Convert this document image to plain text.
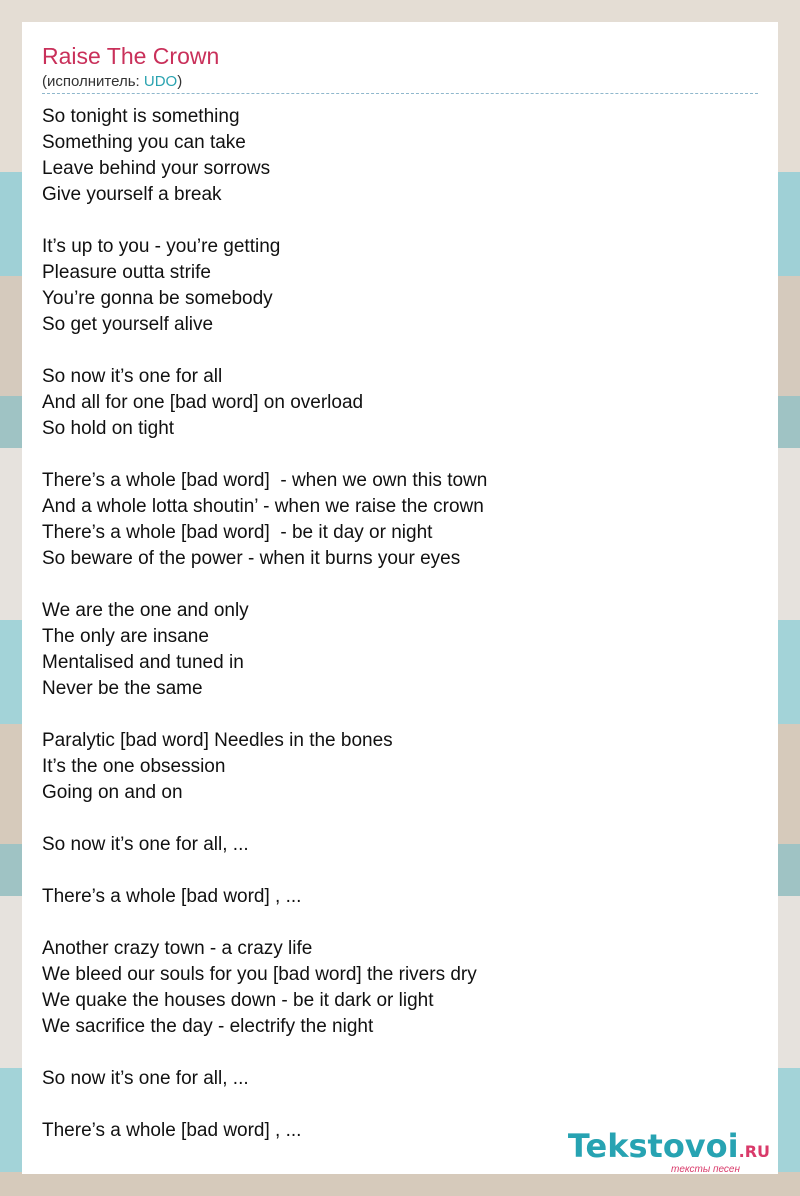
Raise The Crown
(исполнитель: UDO)
So tonight is something
Something you can take
Leave behind your sorrows
Give yourself a break
It’s up to you - you’re getting
Pleasure outta strife
You’re gonna be somebody
So get yourself alive
So now it’s one for all
And all for one [bad word] on overload
So hold on tight
There’s a whole [bad word]  - when we own this town
And a whole lotta shoutin’ - when we raise the crown
There’s a whole [bad word]  - be it day or night
So beware of the power - when it burns your eyes
We are the one and only
The only are insane
Mentalised and tuned in
Never be the same
Paralytic [bad word] Needles in the bones
It’s the one obsession
Going on and on
So now it’s one for all, ...
There’s a whole [bad word] , ...
Another crazy town - a crazy life
We bleed our souls for you [bad word] the rivers dry
We quake the houses down - be it dark or light
We sacrifice the day - electrify the night
So now it’s one for all, ...
There’s a whole [bad word] , ...	Tekstovoi.RU
тексты песен
